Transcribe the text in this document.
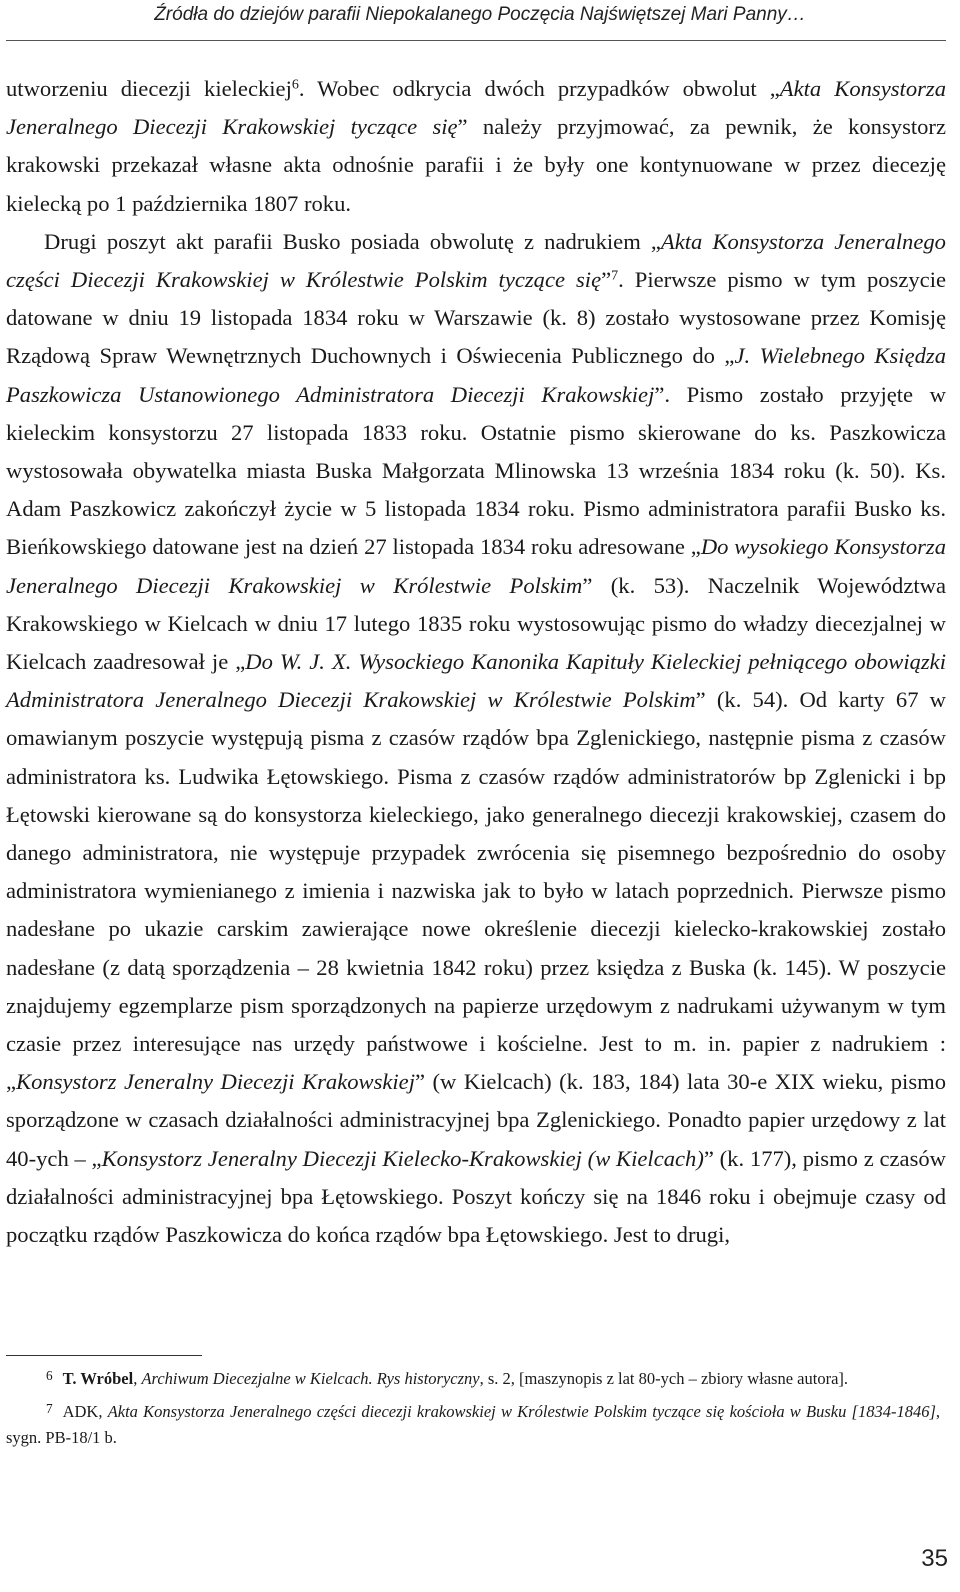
Źródła do dziejów parafii Niepokalanego Poczęcia Najświętszej Mari Panny…

utworzeniu diecezji kieleckiej$^6$. Wobec odkrycia dwóch przypadków obwolut „Akta Konsystorza Jeneralnego Diecezji Krakowskiej tyczące się” należy przyjmować, za pewnik, że konsystorz krakowski przekazał własne akta odnośnie parafii i że były one kontynuowane w przez diecezję kielecką po 1 października 1807 roku.

Drugi poszyt akt parafii Busko posiada obwolutę z nadrukiem „Akta Konsystorza Jeneralnego części Diecezji Krakowskiej w Królestwie Polskim tyczące się”$^7$. Pierwsze pismo w tym poszycie datowane w dniu 19 listopada 1834 roku w Warszawie (k. 8) zostało wystosowane przez Komisję Rządową Spraw Wewnętrznych Duchownych i Oświecenia Publicznego do „J. Wielebnego Księdza Paszkowicza Ustanowionego Administratora Diecezji Krakowskiej”. Pismo zostało przyjęte w kieleckim konsystorzu 27 listopada 1833 roku. Ostatnie pismo skierowane do ks. Paszkowicza wystosowała obywatelka miasta Buska Małgorzata Mlinowska 13 września 1834 roku (k. 50). Ks. Adam Paszkowicz zakończył życie w 5 listopada 1834 roku. Pismo administratora parafii Busko ks. Bieńkowskiego datowane jest na dzień 27 listopada 1834 roku adresowane „Do wysokiego Konsystorza Jeneralnego Diecezji Krakowskiej w Królestwie Polskim” (k. 53). Naczelnik Województwa Krakowskiego w Kielcach w dniu 17 lutego 1835 roku wystosowując pismo do władzy diecezjalnej w Kielcach zaadresował je „Do W. J. X. Wysockiego Kanonika Kapituły Kieleckiej pełniącego obowiązki Administratora Jeneralnego Diecezji Krakowskiej w Królestwie Polskim” (k. 54). Od karty 67 w omawianym poszycie występują pisma z czasów rządów bpa Zglenickiego, następnie pisma z czasów administratora ks. Ludwika Łętowskiego. Pisma z czasów rządów administratorów bp Zglenicki i bp Łętowski kierowane są do konsystorza kieleckiego, jako generalnego diecezji krakowskiej, czasem do danego administratora, nie występuje przypadek zwrócenia się pisemnego bezpośrednio do osoby administratora wymienianego z imienia i nazwiska jak to było w latach poprzednich. Pierwsze pismo nadesłane po ukazie carskim zawierające nowe określenie diecezji kielecko-krakowskiej zostało nadesłane (z datą sporządzenia – 28 kwietnia 1842 roku) przez księdza z Buska (k. 145). W poszycie znajdujemy egzemplarze pism sporządzonych na papierze urzędowym z nadrukami używanym w tym czasie przez interesujące nas urzędy państwowe i kościelne. Jest to m. in. papier z nadrukiem : „Konsystorz Jeneralny Diecezji Krakowskiej” (w Kielcach) (k. 183, 184) lata 30-e XIX wieku, pismo sporządzone w czasach działalności administracyjnej bpa Zglenickiego. Ponadto papier urzędowy z lat 40-ych – „Konsystorz Jeneralny Diecezji Kielecko-Krakowskiej (w Kielcach)” (k. 177), pismo z czasów działalności administracyjnej bpa Łętowskiego. Poszyt kończy się na 1846 roku i obejmuje czasy od początku rządów Paszkowicza do końca rządów bpa Łętowskiego. Jest to drugi,

$^6$ T. Wróbel, Archiwum Diecezjalne w Kielcach. Rys historyczny, s. 2, [maszynopis z lat 80-ych – zbiory własne autora].

$^7$ ADK, Akta Konsystorza Jeneralnego części diecezji krakowskiej w Królestwie Polskim tyczące się kościoła w Busku [1834-1846], sygn. PB-18/1 b.

35
